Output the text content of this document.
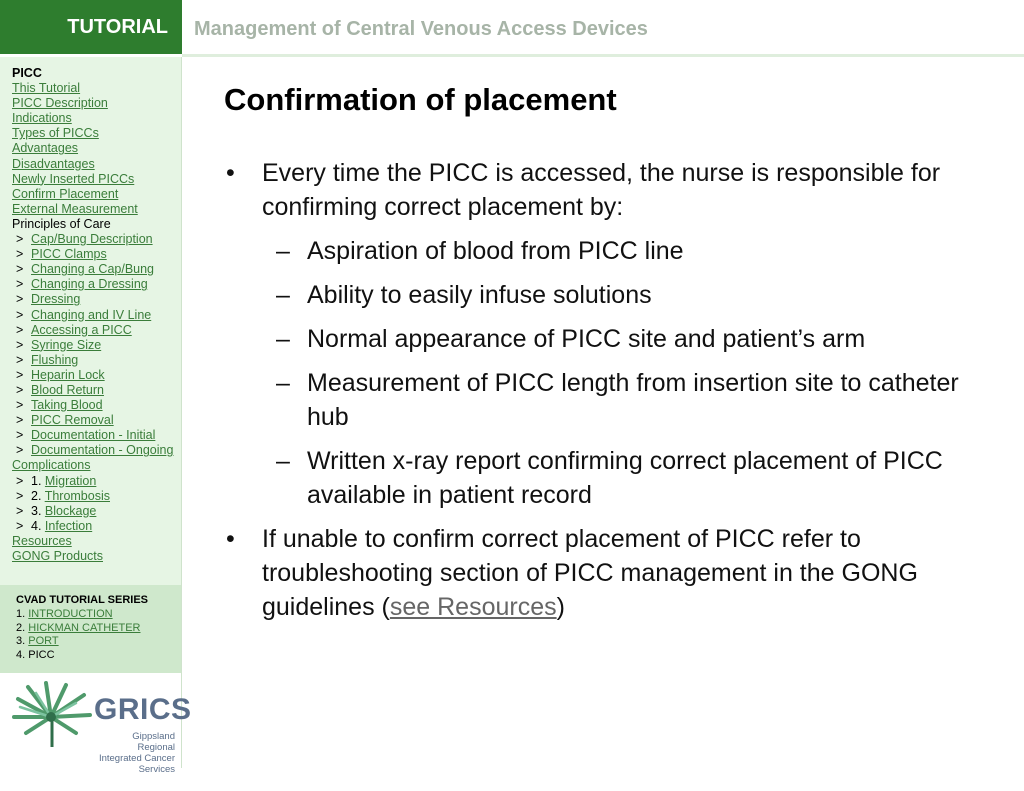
TUTORIAL	Management of Central Venous Access Devices
PICC
This Tutorial
PICC Description
Indications
Types of PICCs
Advantages
Disadvantages
Newly Inserted PICCs
Confirm Placement
External Measurement
Principles of Care
> Cap/Bung Description
> PICC Clamps
> Changing a Cap/Bung
> Changing a Dressing
> Dressing
> Changing and IV Line
> Accessing a PICC
> Syringe Size
> Flushing
> Heparin Lock
> Blood Return
> Taking Blood
> PICC Removal
> Documentation - Initial
> Documentation - Ongoing
Complications
> 1. Migration
> 2. Thrombosis
> 3. Blockage
> 4. Infection
Resources
GONG Products
CVAD TUTORIAL SERIES
1. INTRODUCTION
2. HICKMAN CATHETER
3. PORT
4. PICC
GRICS
Gippsland Regional
Integrated Cancer Services
Confirmation of placement
• Every time the PICC is accessed, the nurse is responsible for confirming correct placement by:
– Aspiration of blood from PICC line
– Ability to easily infuse solutions
– Normal appearance of PICC site and patient’s arm
– Measurement of PICC length from insertion site to catheter hub
– Written x-ray report confirming correct placement of PICC available in patient record
• If unable to confirm correct placement of PICC refer to troubleshooting section of PICC management in the GONG guidelines (see Resources)
